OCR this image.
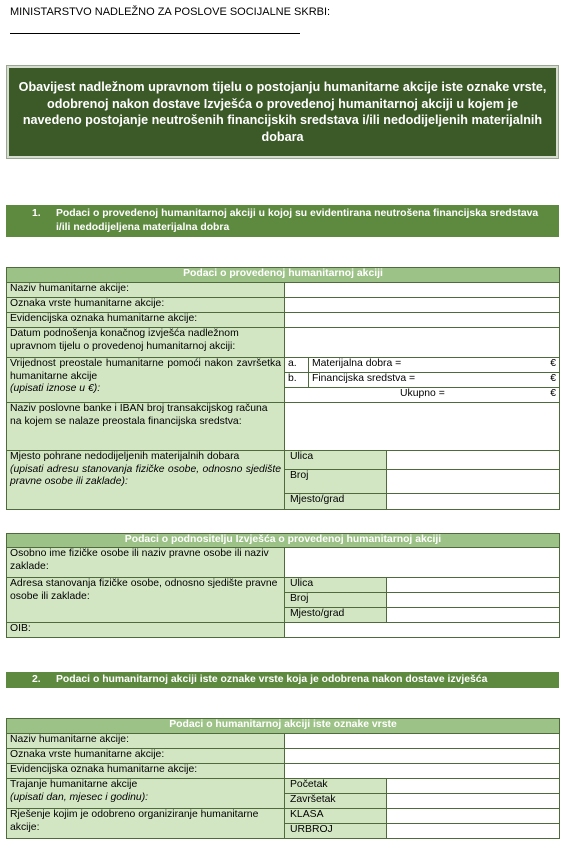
MINISTARSTVO NADLEŽNO ZA POSLOVE SOCIJALNE SKRBI:
Obavijest nadležnom upravnom tijelu o postojanju humanitarne akcije iste oznake vrste, odobrenoj nakon dostave Izvješća o provedenoj humanitarnoj akciji u kojem je navedeno postojanje neutrošenih financijskih sredstava i/ili nedodijeljenih materijalnih dobara
1. Podaci o provedenoj humanitarnoj akciji u kojoj su evidentirana neutrošena financijska sredstava i/ili nedodijeljena materijalna dobra
Podaci o provedenoj humanitarnoj akciji			
Naziv humanitarne akcije:			
Oznaka vrste humanitarne akcije:			
Evidencijska oznaka humanitarne akcije:			
Datum podnošenja konačnog izvješća nadležnom upravnom tijelu o provedenoj humanitarnoj akciji:			
Vrijednost preostale humanitarne pomoći nakon završetka humanitarne akcije
(upisati iznose u €):	a.	Materijalna dobra = €	

	b.	Financijska sredstva = €	

	Ukupno = €		

Naziv poslovne banke i IBAN broj transakcijskog računa na kojem se nalaze preostala financijska sredstva:			
Mjesto pohrane nedodijeljenih materijalnih dobara
(upisati adresu stanovanja fizičke osobe, odnosno sjedište pravne osobe ili zaklade):	Ulica		
	Broj		
	Mjesto/grad		
Podaci o podnositelju Izvješća o provedenoj humanitarnoj akciji		
Osobno ime fizičke osobe ili naziv pravne osobe ili naziv zaklade:		
Adresa stanovanja fizičke osobe, odnosno sjedište pravne osobe ili zaklade:	Ulica	
	Broj	
	Mjesto/grad	
OIB:		
2. Podaci o humanitarnoj akciji iste oznake vrste koja je odobrena nakon dostave izvješća
Podaci o humanitarnoj akciji iste oznake vrste		
Naziv humanitarne akcije:		
Oznaka vrste humanitarne akcije:		
Evidencijska oznaka humanitarne akcije:		
Trajanje humanitarne akcije
(upisati dan, mjesec i godinu):	Početak	
	Završetak	
Rješenje kojim je odobreno organiziranje humanitarne akcije:	KLASA	
	URBROJ	
